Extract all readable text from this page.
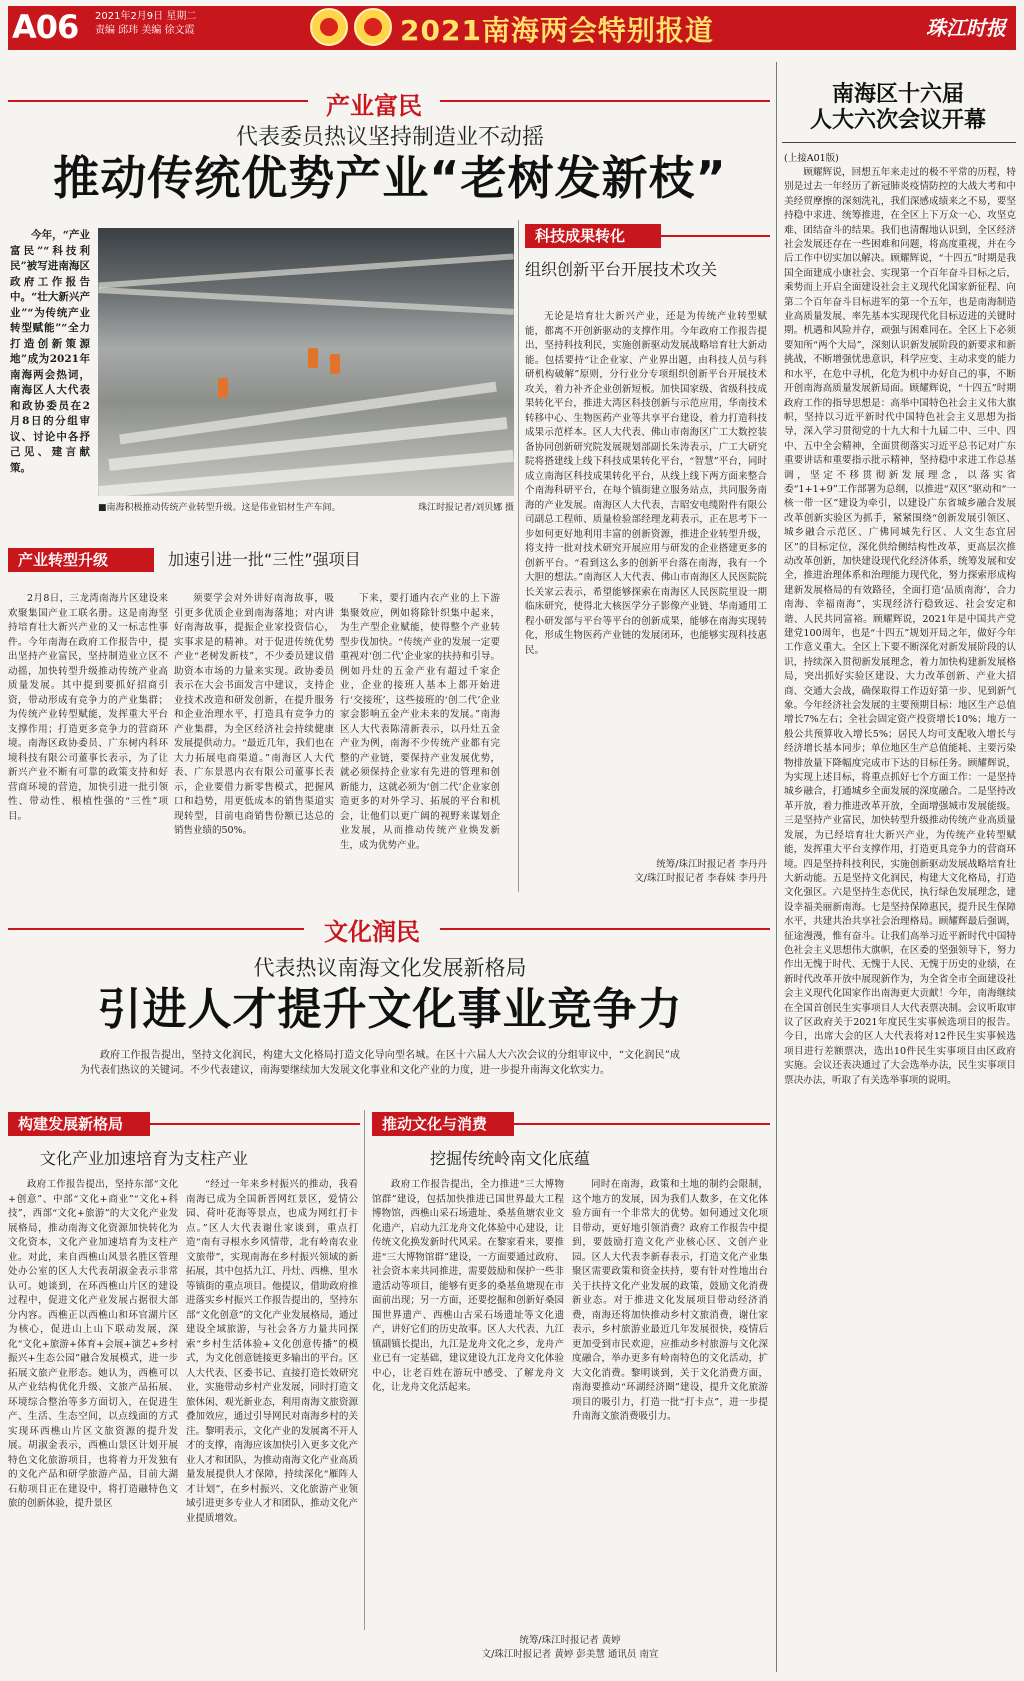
A06 2021年2月9日 星期二
责编 邱玮 美编 徐文霞	2021南海两会特别报道	珠江时报
产业富民
代表委员热议坚持制造业不动摇
推动传统优势产业“老树发新枝”

今年，“产业富民”“科技利民”被写进南海区政府工作报告中。“壮大新兴产业”“为传统产业转型赋能”“全力打造创新策源地”成为2021年南海两会热词，南海区人大代表和政协委员在2月8日的分组审议、讨论中各抒己见、建言献策。

■南海积极推动传统产业转型升级。这是伟业铝材生产车间。	珠江时报记者/刘贝娜 摄
科技成果转化
组织创新平台开展技术攻关

无论是培育壮大新兴产业，还是为传统产业转型赋能，都离不开创新驱动的支撑作用。今年政府工作报告提出，坚持科技利民，实施创新驱动发展战略培育壮大新动能。包括要持“让企业家、产业界出题，由科技人员与科研机构破解”原则，分行业分专项组织创新平台开展技术攻关，着力补齐企业创新短板。加快国家级、省级科技成果转化平台，推进大湾区科技创新与示范应用，华南技术转移中心、生物医药产业等共享平台建设，着力打造科技成果示范样本。区人大代表、佛山市南海区广工大数控装备协同创新研究院发展规划部副长朱涛表示，广工大研究院将搭建线上线下科技成果转化平台，“智慧”平台，同时成立南海区科技成果转化平台，从线上线下两方面来整合个南海科研平台，在每个镇街建立服务站点，共同服务南海的产业发展。南海区人大代表，吉昭安电缆附件有限公司副总工程师、质量检验部经理龙莉表示，正在思考下一步如何更好地利用丰富的创新资源，推进企业转型升级，将支持一批对技术研究开展应用与研发的企业搭建更多的创新平台。“看到这么多的创新平台落在南海，我有一个大胆的想法。”南海区人大代表、佛山市南海区人民医院院长关家云表示，希望能够探索在南海区人民医院里设一期临床研究，使得北大核医学分子影像产业链、华南通用工程小研发部与平台等平台的创新成果，能够在南海实现转化，形成生物医药产业链的发展闭环，也能够实现科技惠民。

统筹/珠江时报记者 李丹丹
文/珠江时报记者 李春妹 李丹丹
产业转型升级	加速引进一批“三性”强项目

2月8日，三龙湾南海片区建设来欢聚集国产业工联名册。这是南海坚持培育壮大新兴产业的又一标志性事件。今年南海在政府工作报告中，提出坚持产业富民，坚持制造业立区不动摇，加快转型升级推动传统产业高质量发展。其中提到要抓好招商引资，带动形成有竞争力的产业集群；为传统产业转型赋能，发挥重大平台支撑作用；打造更多竞争力的营商环境。南海区政协委员、广东树内科环境科技有限公司董事长表示，为了让新兴产业不断有可靠的政策支持和好营商环境的营造，加快引进一批引领性、带动性、根植性强的“三性”项目。

须要学会对外讲好南海故事，吸引更多优质企业到南海落地；对内讲好南海故事，提振企业家投资信心，实事求是的精神。对于促进传统优势产业“老树发新枝”，不少委员建议借助资本市场的力量来实现。政协委员表示在大会书面发言中建议，支持企业技术改造和研发创新，在提升服务和企业治理水平，打造具有竞争力的产业集群，为全区经济社会持续健康发展提供动力。“最近几年，我们也在大力拓展电商渠道。”南海区人大代表、广东景恩内衣有限公司董事长表示，企业要借力新零售模式，把握风口和趋势，用更低成本的销售渠道实现转型，目前电商销售份额已达总的销售业绩的50%。

下来，要打通内衣产业的上下游集聚效应，例如将除针织集中起来，为生产型企业赋能，使得整个产业转型步伐加快。“传统产业的发展一定要重视对‘创二代’企业家的扶持和引导。例如丹灶的五金产业有超过千家企业，企业的接班人基本上都开始进行‘交接班’，这些接班的‘创二代’企业家会影响五金产业未来的发展。”南海区人大代表陈清新表示，以丹灶五金产业为例，南海不少传统产业都有完整的产业链，要保持产业发展优势，就必须保持企业家有先进的管理和创新能力，这就必须为‘创二代’企业家创造更多的对外学习、拓展的平台和机会，让他们以更广阔的视野来谋划企业发展，从而推动传统产业焕发新生，成为优势产业。

南海区十六届
人大六次会议开幕
(上接A01版)

顾耀辉说，回想五年来走过的极不平常的历程，特别是过去一年经历了新冠肺炎疫情防控的大战大考和中美经贸摩擦的深刻洗礼，我们深感成绩来之不易，要坚持稳中求进、统筹推进，在全区上下万众一心、攻坚克难、团结奋斗的结果。我们也清醒地认识到，全区经济社会发展还存在一些困难和问题，将高度重视，并在今后工作中切实加以解决。顾耀辉说，“十四五”时期是我国全面建成小康社会、实现第一个百年奋斗目标之后，乘势而上开启全面建设社会主义现代化国家新征程、向第二个百年奋斗目标进军的第一个五年，也是南海制造业高质量发展、率先基本实现现代化目标迈进的关键时期。机遇和风险并存，顽强与困难同在。全区上下必须要知所“两个大局”，深刻认识新发展阶段的新要求和新挑战，不断增强忧患意识，科学应变、主动求变的能力和水平，在危中寻机，化危为机中办好自己的事，不断开创南海高质量发展新局面。顾耀辉说，“十四五”时期政府工作的指导思想是：高举中国特色社会主义伟大旗帜，坚持以习近平新时代中国特色社会主义思想为指导，深入学习贯彻党的十九大和十九届二中、三中、四中、五中全会精神，全面贯彻落实习近平总书记对广东重要讲话和重要指示批示精神，坚持稳中求进工作总基调，坚定不移贯彻新发展理念，以落实省委“1+1+9”工作部署为总纲，以推进“双区”驱动和“一核一带一区”建设为牵引，以建设广东省城乡融合发展改革创新实验区为抓手，紧紧围绕“创新发展引领区、城乡融合示范区、广佛同城先行区、人文生态宜居区”的目标定位，深化供给侧结构性改革，更高层次推动改革创新，加快建设现代化经济体系，统筹发展和安全，推进治理体系和治理能力现代化，努力探索形成构建新发展格局的有效路径，全面打造‘品质南海’，合力南海、幸福南海”，实现经济行稳致远、社会安定和谐、人民共同富裕。顾耀辉说，2021年是中国共产党建党100周年，也是“十四五”规划开局之年，做好今年工作意义重大。全区上下要不断深化对新发展阶段的认识，持续深入贯彻新发展理念，着力加快构建新发展格局，突出抓好实验区建设、大力改革创新、产业大招商、交通大会战，确保取得工作迈好第一步、见到新气象。今年经济社会发展的主要预期目标：地区生产总值增长7%左右；全社会固定资产投资增长10%；地方一般公共预算收入增长5%；居民人均可支配收入增长与经济增长基本同步；单位地区生产总值能耗、主要污染物排放量下降幅度完成市下达的目标任务。顾耀辉说，为实现上述目标，将重点抓好七个方面工作：一是坚持城乡融合，打通城乡全面发展的深度融合。二是坚持改革开放，着力推进改革开放，全面增强城市发展能级。三是坚持产业富民，加快转型升级推动传统产业高质量发展，为已经培育壮大新兴产业，为传统产业转型赋能，发挥重大平台支撑作用，打造更具竞争力的营商环境。四是坚持科技利民，实施创新驱动发展战略培育壮大新动能。五是坚持文化润民，构建大文化格局，打造文化强区。六是坚持生态优民，执行绿色发展理念，建设幸福美丽新南海。七是坚持保障惠民，提升民生保障水平，共建共治共享社会治理格局。顾耀辉最后强调，征途漫漫，惟有奋斗。让我们高举习近平新时代中国特色社会主义思想伟大旗帜，在区委的坚强领导下，努力作出无愧于时代、无愧于人民、无愧于历史的业绩，在新时代改革开放中展现新作为，为全省全市全面建设社会主义现代化国家作出南海更大贡献！今年，南海继续在全国首创民生实事项目人大代表票决制。会议听取审议了区政府关于2021年度民生实事候选项目的报告。今日，出席大会的区人大代表将对12件民生实事候选项目进行差额票决，选出10件民生实事项目由区政府实施。会议还表决通过了大会选举办法，民生实事项目票决办法，听取了有关选举事项的说明。

文化润民
代表热议南海文化发展新格局
引进人才提升文化事业竞争力

政府工作报告提出，坚持文化润民，构建大文化格局打造文化导向型名城。在区十六届人大六次会议的分组审议中，“文化润民”成为代表们热议的关键词。不少代表建议，南海要继续加大发展文化事业和文化产业的力度，进一步提升南海文化软实力。

构建发展新格局
文化产业加速培育为支柱产业

政府工作报告提出，坚持东部“文化+创意”、中部“文化+商业”“文化+科技”，西部“文化+旅游”的大文化产业发展格局，推动南海文化资源加快转化为文化资本，文化产业加速培育为支柱产业。对此，来自西樵山风景名胜区管理处办公室的区人大代表胡淑金表示非常认可。她谈到，在环西樵山片区的建设过程中，促进文化产业发展占据很大部分内容。西樵正以西樵山和环官湖片区为核心，促进山上山下联动发展，深化“文化+旅游+体育+会展+演艺+乡村振兴+生态公园”融合发展模式，进一步拓展文旅产业形态。她认为，西樵可以从产业结构优化升级、文旅产品拓展、环境综合整治等多方面切入，在促进生产、生活、生态空间，以点线面的方式实现环西樵山片区文旅资源的提升发展。胡淑金表示，西樵山景区计划开展特色文化旅游项目，也将着力开发独有的文化产品和研学旅游产品，目前大湖石舫项目正在建设中，将打造融特色文旅的创新体验，提升景区

“经过一年来乡村振兴的推动，我看南海已成为全国新晋网红景区，爱情公园、荷叶花海等景点，也成为网红打卡点。”区人大代表谢仕家谈到，重点打造“南有寻根水乡风情带，北有岭南农业文旅带”，实现南海在乡村振兴领域的新拓展，其中包括九江、丹灶、西樵、里水等镇街的重点项目。他提议，借助政府推进落实乡村振兴工作报告提出的，坚持东部“文化创意”的文化产业发展格局，通过建设全域旅游，与社会各方力量共同探索“乡村生活体验+文化创意传播”的模式，为文化创意链接更多输出的平台。区人大代表、区委书记、直接打造长效研究业，实施带动乡村产业发展，同时打造文旅休闲、观光新业态，利用南海文旅资源叠加效应，通过引导网民对南海乡村的关注。黎明表示，文化产业的发展离不开人才的支撑，南海应该加快引入更多文化产业人才和团队，为推动南海文化产业高质量发展提供人才保障，持续深化“雁阵人才计划”，在乡村振兴、文化旅游产业领域引进更多专业人才和团队，推动文化产业提质增效。

推动文化与消费
挖掘传统岭南文化底蕴

政府工作报告提出，全力推进“三大博物馆群”建设，包括加快推进已国世界最大工程博物馆，西樵山采石场遗址、桑基鱼塘农业文化遗产，启动九江龙舟文化体验中心建设，让传统文化换发新时代风采。在黎家看来，要推进“三大博物馆群”建设，一方面要通过政府、社会资本来共同推进，需要鼓励和保护一些非遗活动等项目，能够有更多的桑基鱼塘现在市面前出现；另一方面，还要挖掘和创新好桑园围世界遗产、西樵山古采石场遗址等文化遗产，讲好它们的历史故事。区人大代表、九江镇副镇长提出，九江是龙舟文化之乡，龙舟产业已有一定基础，建议建设九江龙舟文化体验中心，让老百姓在游玩中感受、了解龙舟文化，让龙舟文化活起来。

同时在南海，政策和土地的制约会限制，这个地方的发展，因为我们人数多，在文化体验方面有一个非常大的优势。如何通过文化项目带动，更好地引领消费？政府工作报告中提到，要鼓励打造文化产业核心区、文创产业园。区人大代表李新春表示，打造文化产业集聚区需要政策和资金扶持，要有针对性地出台关于扶持文化产业发展的政策，鼓励文化消费新业态。对于推进文化发展项目带动经济消费，南海还将加快推动乡村文旅消费，谢仕家表示，乡村旅游业最近几年发展很快，疫情后更加受到市民欢迎，应推动乡村旅游与文化深度融合，举办更多有岭南特色的文化活动，扩大文化消费。黎明谈到，关于文化消费方面，南海要推动“环湖经济圈”建设，提升文化旅游项目的吸引力，打造一批“打卡点”，进一步提升南海文旅消费吸引力。

统筹/珠江时报记者 黄婷
文/珠江时报记者 黄婷 彭美慧 通讯员 南宣
